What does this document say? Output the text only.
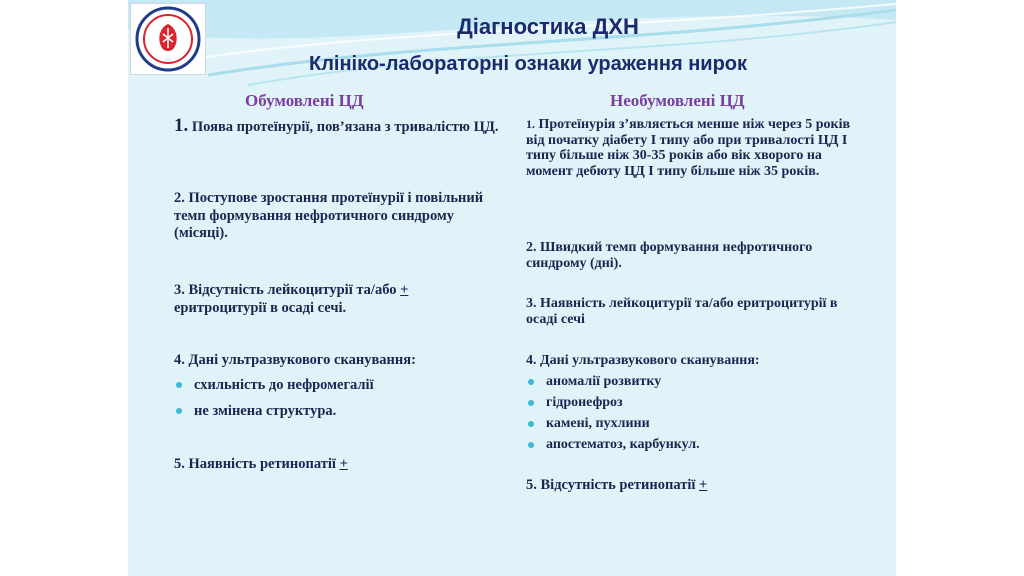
Діагностика ДХН
Клініко-лабораторні ознаки ураження нирок
Обумовлені ЦД
1. Поява протеїнурії, пов’язана з тривалістю ЦД.
2. Поступове зростання протеїнурії і повільний темп формування нефротичного синдрому (місяці).
3. Відсутність лейкоцитурії та/або + еритроцитурії в осаді сечі.
4. Дані ультразвукового сканування:
схильність до нефромегалії
не змінена структура.
5. Наявність ретинопатії +
Необумовлені ЦД
1. Протеїнурія з’являється менше ніж через 5 років від початку діабету І типу або при тривалості ЦД І типу більше ніж 30-35 років або вік хворого на момент дебюту ЦД І типу більше ніж 35 років.
2. Швидкий темп формування нефротичного синдрому (дні).
3. Наявність лейкоцитурії та/або еритроцитурії в осаді сечі
4. Дані ультразвукового сканування:
аномалії розвитку
гідронефроз
камені, пухлини
апостематоз, карбункул.
5. Відсутність ретинопатії +
